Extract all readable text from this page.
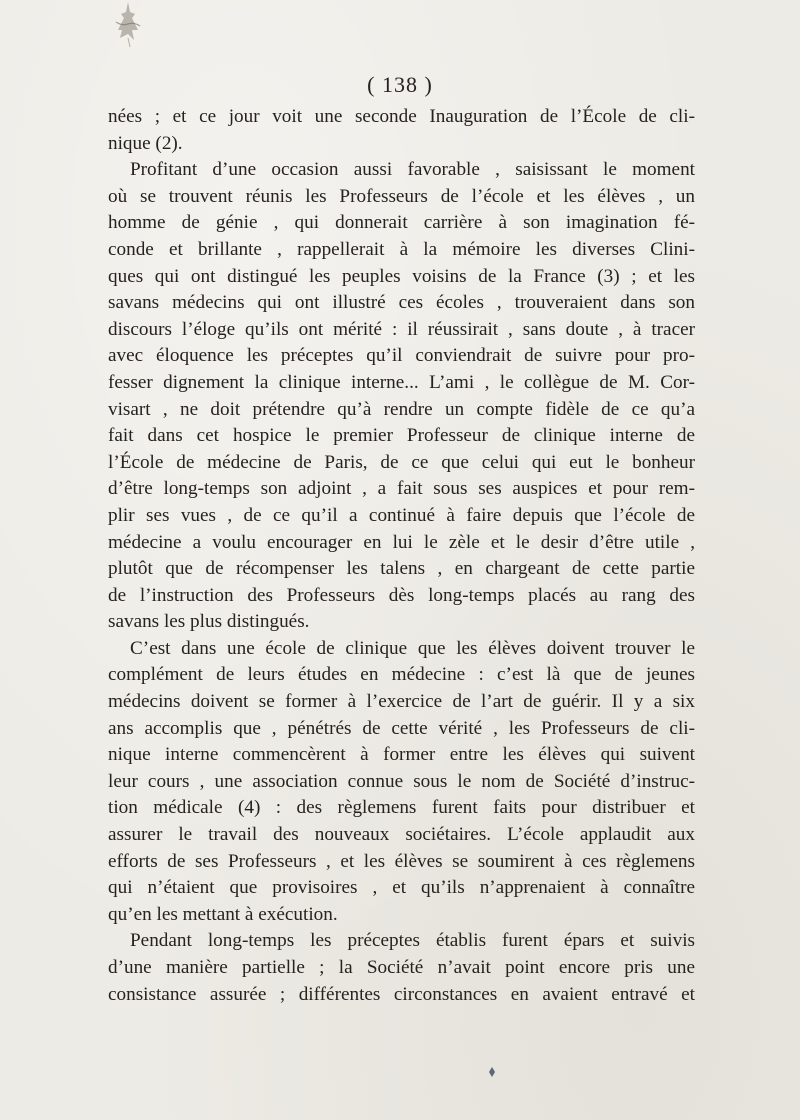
( 138 )
nées ; et ce jour voit une seconde Inauguration de l’École de cli-
nique (2).
Profitant d’une occasion aussi favorable , saisissant le moment
où se trouvent réunis les Professeurs de l’école et les élèves , un
homme de génie , qui donnerait carrière à son imagination fé-
conde et brillante , rappellerait à la mémoire les diverses Clini-
ques qui ont distingué les peuples voisins de la France (3) ; et les
savans médecins qui ont illustré ces écoles , trouveraient dans son
discours l’éloge qu’ils ont mérité : il réussirait , sans doute , à tracer
avec éloquence les préceptes qu’il conviendrait de suivre pour pro-
fesser dignement la clinique interne... L’ami , le collègue de M. Cor-
visart , ne doit prétendre qu’à rendre un compte fidèle de ce qu’a
fait dans cet hospice le premier Professeur de clinique interne de
l’École de médecine de Paris, de ce que celui qui eut le bonheur
d’être long-temps son adjoint , a fait sous ses auspices et pour rem-
plir ses vues , de ce qu’il a continué à faire depuis que l’école de
médecine a voulu encourager en lui le zèle et le desir d’être utile ,
plutôt que de récompenser les talens , en chargeant de cette partie
de l’instruction des Professeurs dès long-temps placés au rang des
savans les plus distingués.
C’est dans une école de clinique que les élèves doivent trouver le
complément de leurs études en médecine : c’est là que de jeunes
médecins doivent se former à l’exercice de l’art de guérir. Il y a six
ans accomplis que , pénétrés de cette vérité , les Professeurs de cli-
nique interne commencèrent à former entre les élèves qui suivent
leur cours , une association connue sous le nom de Société d’instruc-
tion médicale (4) : des règlemens furent faits pour distribuer et
assurer le travail des nouveaux sociétaires. L’école applaudit aux
efforts de ses Professeurs , et les élèves se soumirent à ces règlemens
qui n’étaient que provisoires , et qu’ils n’apprenaient à connaître
qu’en les mettant à exécution.
Pendant long-temps les préceptes établis furent épars et suivis
d’une manière partielle ; la Société n’avait point encore pris une
consistance assurée ; différentes circonstances en avaient entravé et
